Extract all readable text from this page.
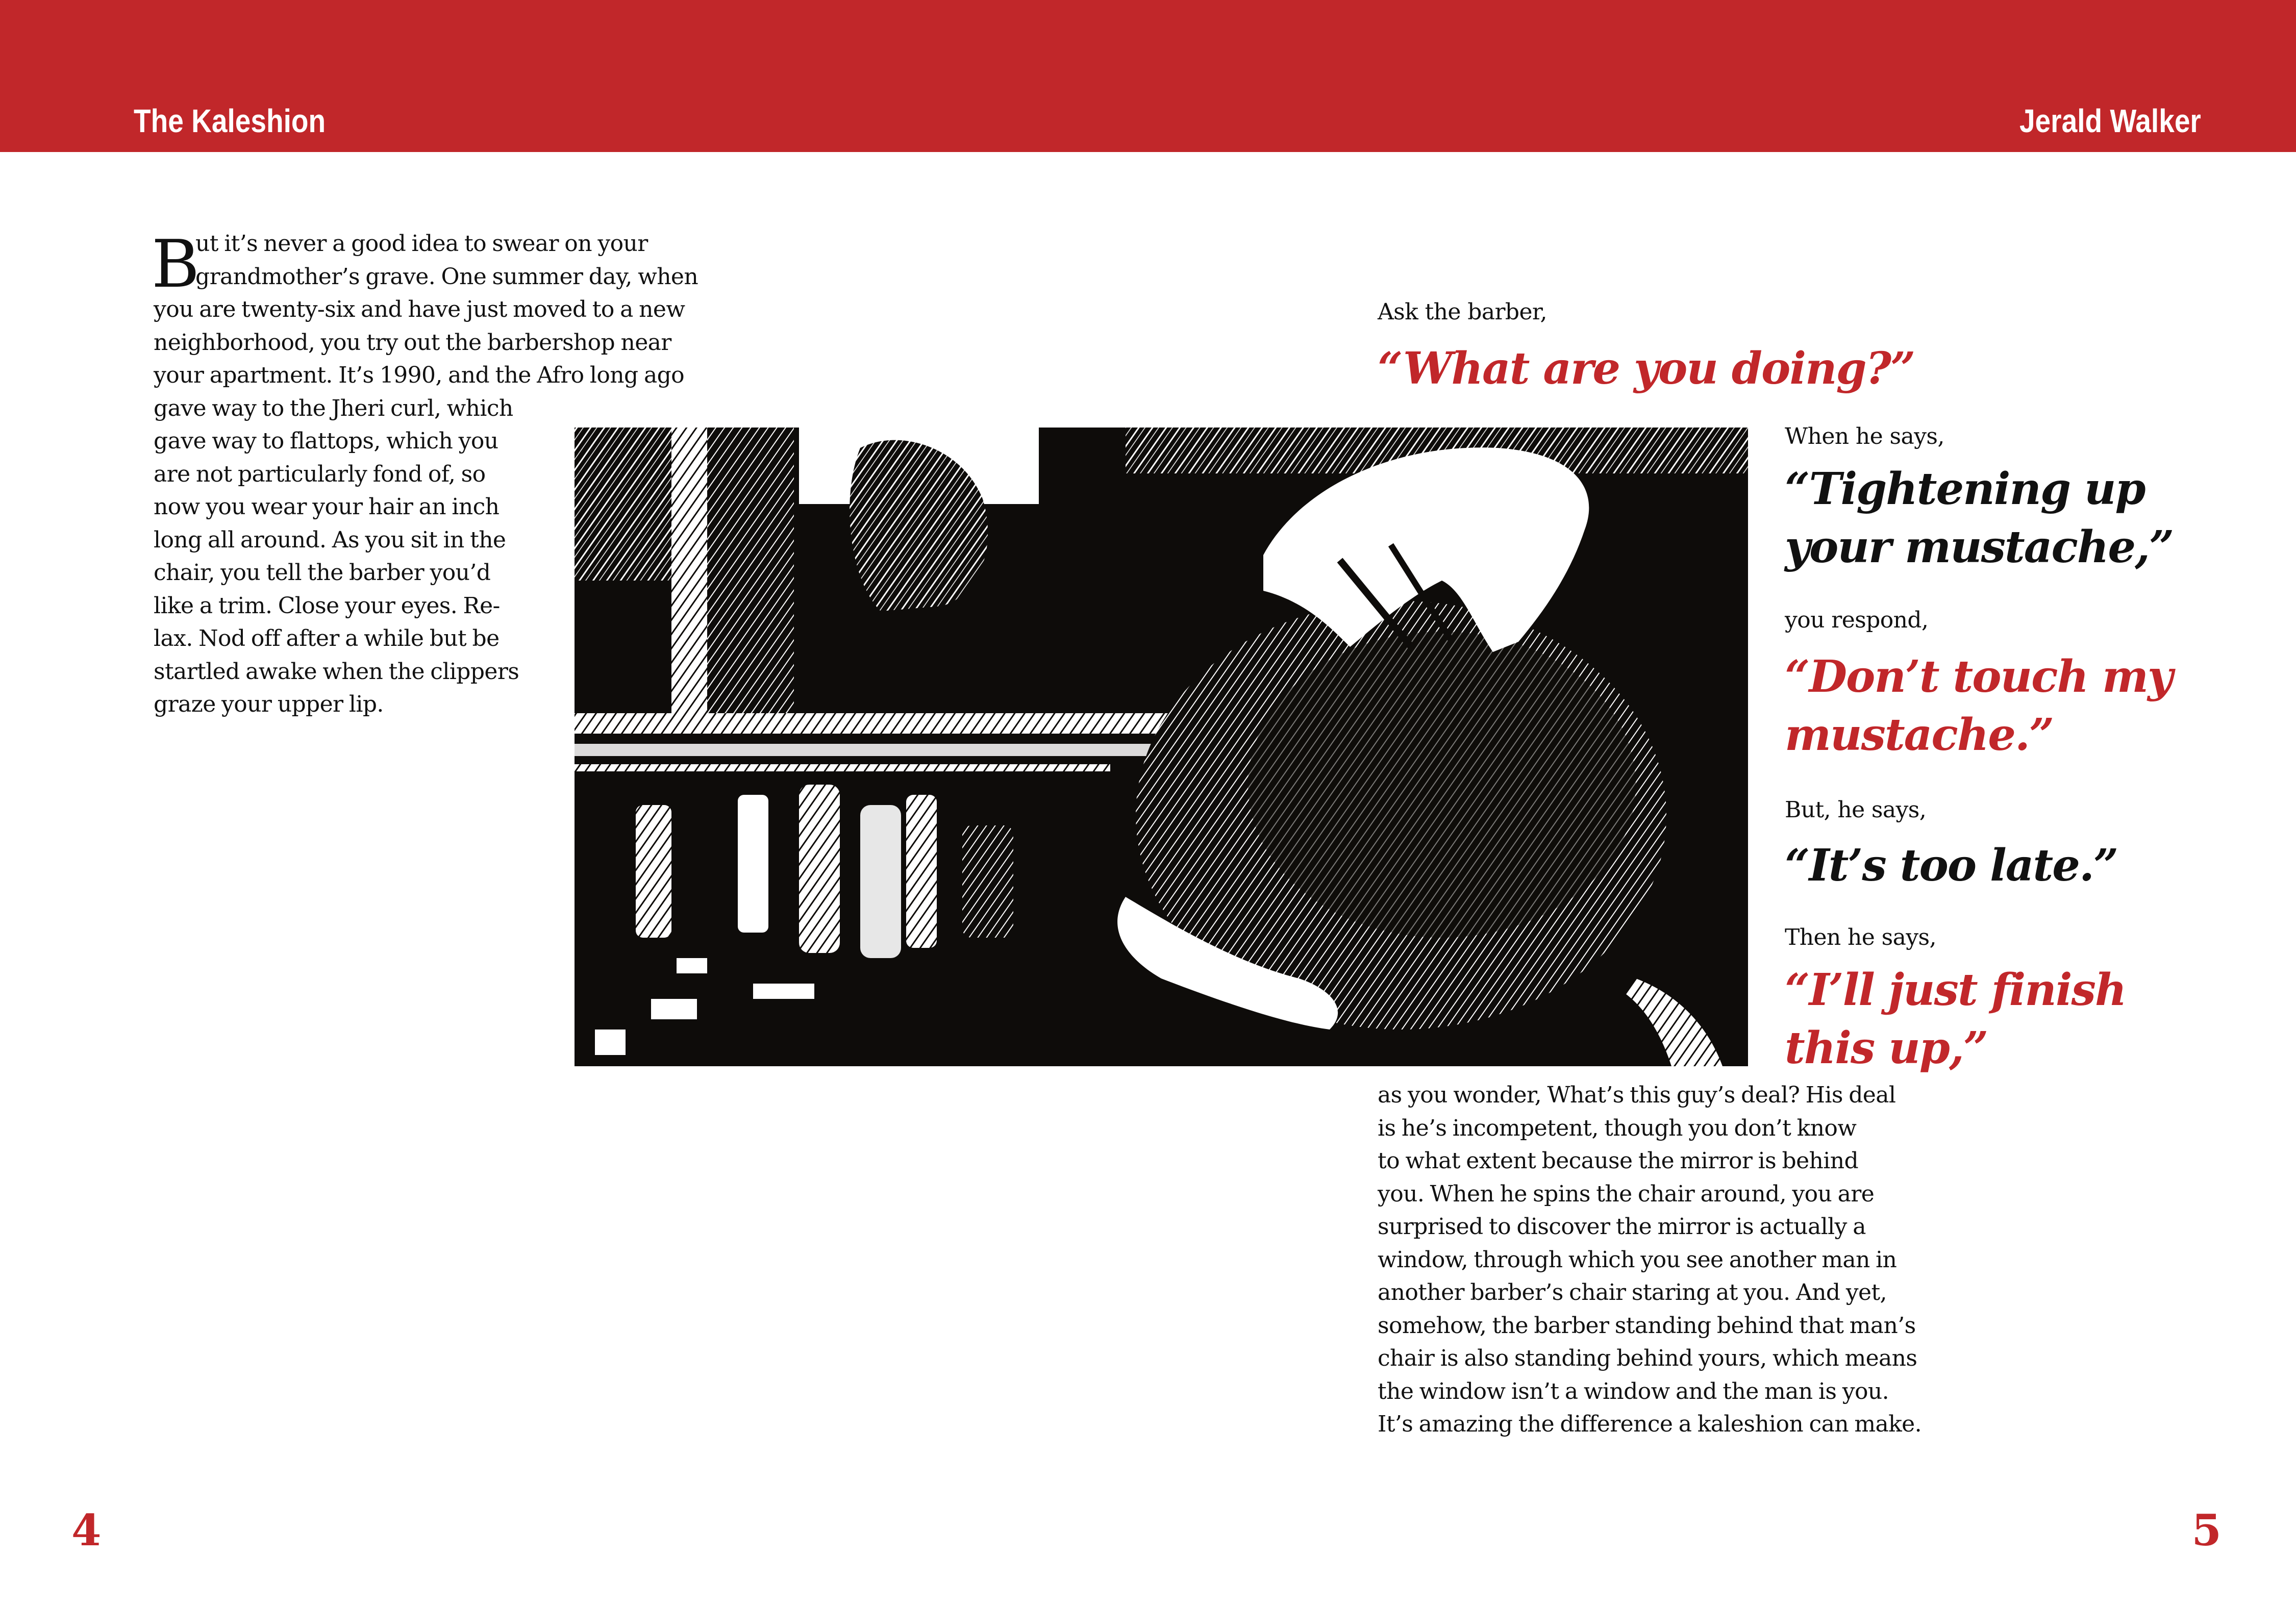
The Kaleshion	Jerald Walker
B
ut it’s never a good idea to swear on your
grandmother’s grave. One summer day, when
you are twenty-six and have just moved to a new
neighborhood, you try out the barbershop near
your apartment. It’s 1990, and the Afro long ago
gave way to the Jheri curl, which
gave way to flattops, which you
are not particularly fond of, so
now you wear your hair an inch
long all around. As you sit in the
chair, you tell the barber you’d
like a trim. Close your eyes. Re-
lax. Nod off after a while but be
startled awake when the clippers
graze your upper lip.
Ask the barber,
“What are you doing?”
When he says,
“Tightening up
your mustache,”
you respond,
“Don’t touch my
mustache.”
But, he says,
“It’s too late.”
Then he says,
“I’ll just finish
this up,”
as you wonder, What’s this guy’s deal? His deal
is he’s incompetent, though you don’t know
to what extent because the mirror is behind
you. When he spins the chair around, you are
surprised to discover the mirror is actually a
window, through which you see another man in
another barber’s chair staring at you. And yet,
somehow, the barber standing behind that man’s
chair is also standing behind yours, which means
the window isn’t a window and the man is you.
It’s amazing the difference a kaleshion can make.
4	5
